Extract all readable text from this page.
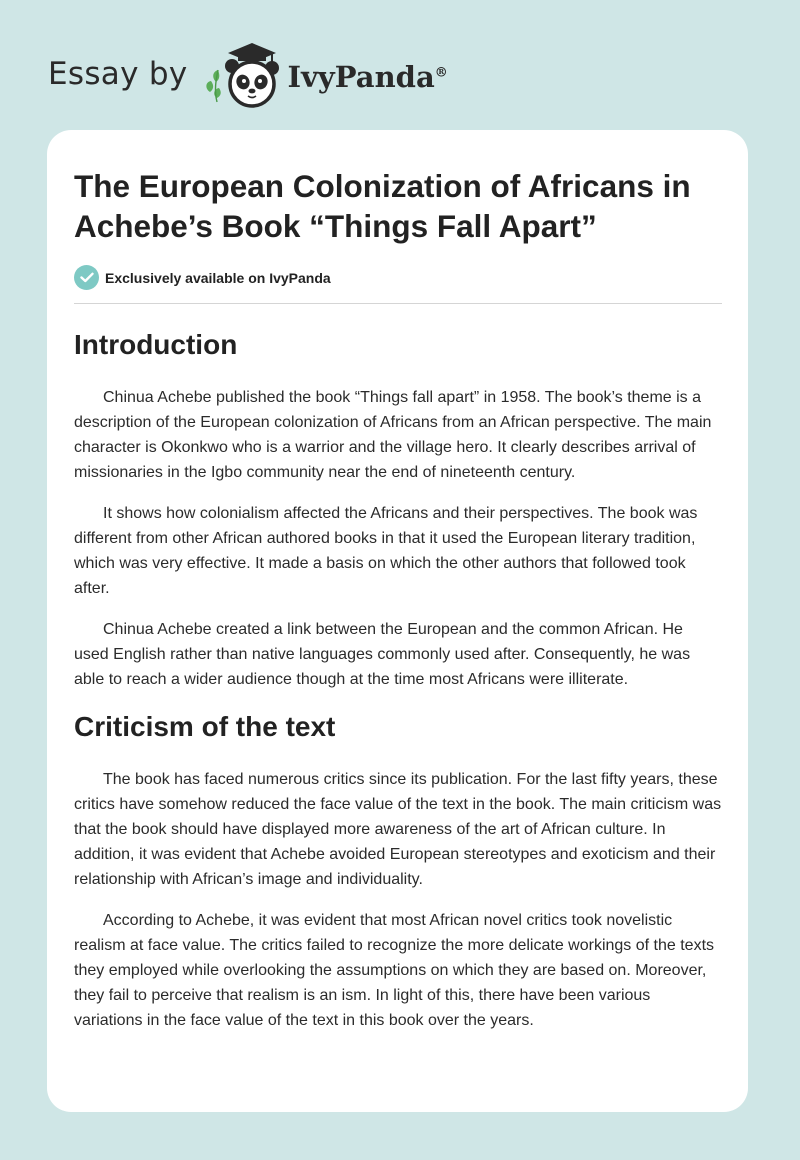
Essay by	IvyPanda®
The European Colonization of Africans in Achebe’s Book “Things Fall Apart”
Exclusively available on IvyPanda
Introduction

Chinua Achebe published the book “Things fall apart” in 1958. The book’s theme is a description of the European colonization of Africans from an African perspective. The main character is Okonkwo who is a warrior and the village hero. It clearly describes arrival of missionaries in the Igbo community near the end of nineteenth century.

It shows how colonialism affected the Africans and their perspectives. The book was different from other African authored books in that it used the European literary tradition, which was very effective. It made a basis on which the other authors that followed took after.

Chinua Achebe created a link between the European and the common African. He used English rather than native languages commonly used after. Consequently, he was able to reach a wider audience though at the time most Africans were illiterate.

Criticism of the text

The book has faced numerous critics since its publication. For the last fifty years, these critics have somehow reduced the face value of the text in the book. The main criticism was that the book should have displayed more awareness of the art of African culture. In addition, it was evident that Achebe avoided European stereotypes and exoticism and their relationship with African’s image and individuality.

According to Achebe, it was evident that most African novel critics took novelistic realism at face value. The critics failed to recognize the more delicate workings of the texts they employed while overlooking the assumptions on which they are based on. Moreover, they fail to perceive that realism is an ism. In light of this, there have been various variations in the face value of the text in this book over the years.
